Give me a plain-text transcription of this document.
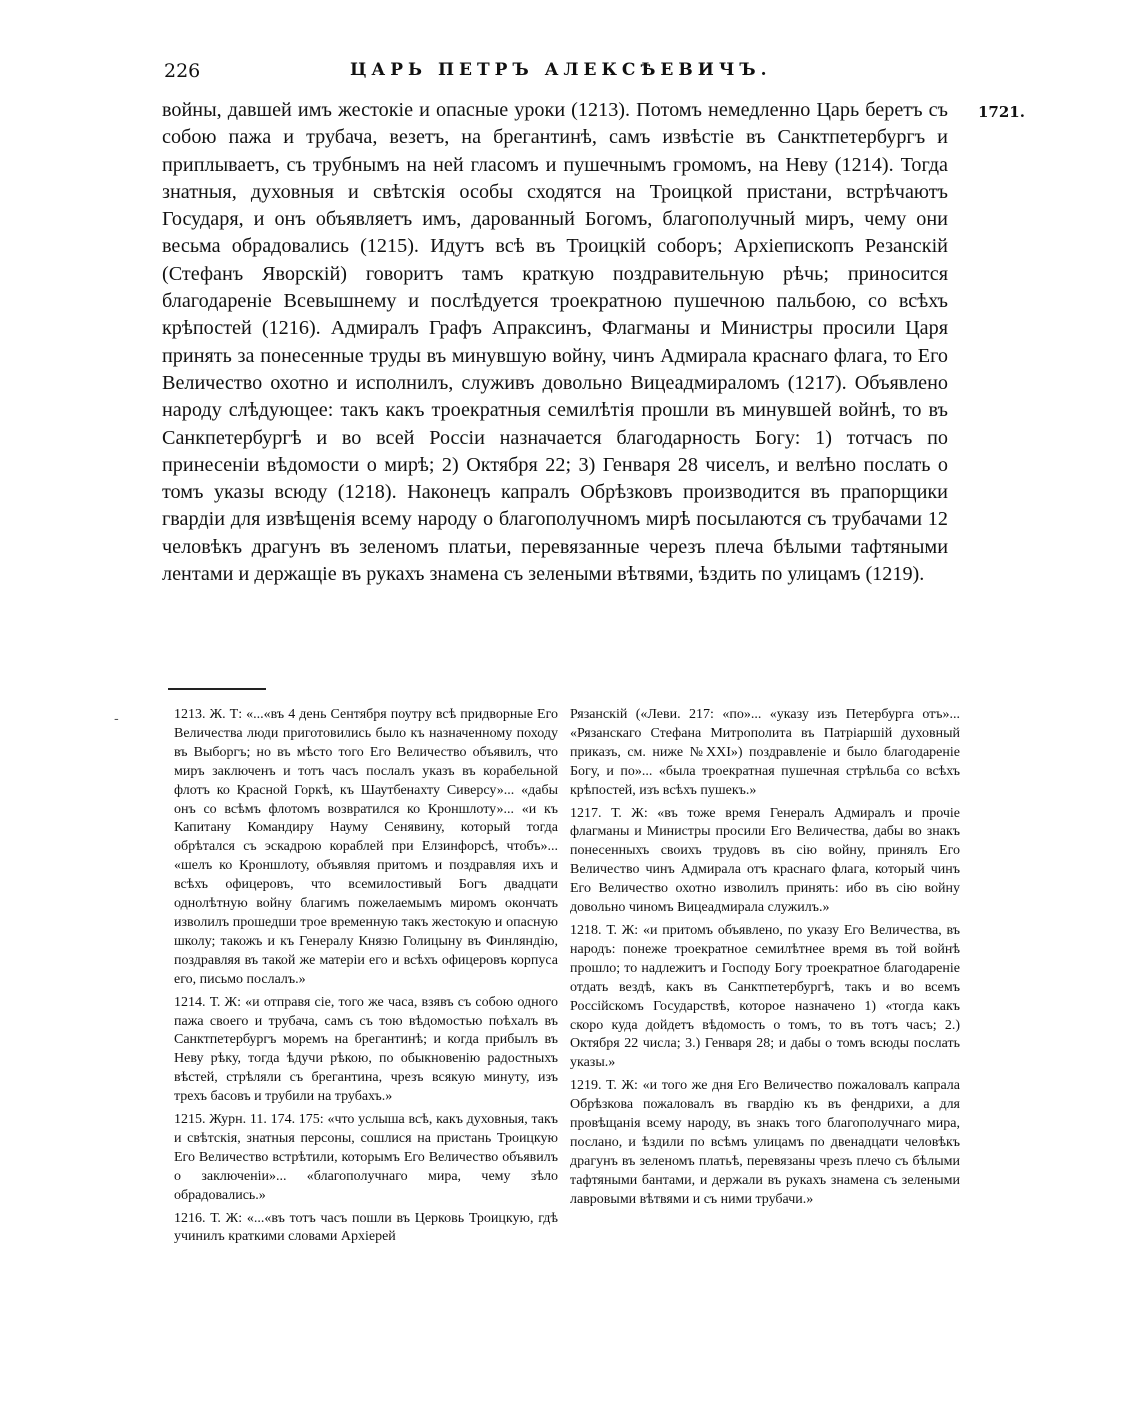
226	ЦАРЬ ПЕТРЪ АЛЕКСѢЕВИЧЪ.
1721.

войны, давшей имъ жестокіе и опасные уроки (1213). Потомъ немедленно Царь беретъ съ собою пажа и трубача, везетъ, на брегантинѣ, самъ извѣстіе въ Санктпетербургъ и приплываетъ, съ трубнымъ на ней гласомъ и пушечнымъ громомъ, на Неву (1214). Тогда знатныя, духовныя и свѣтскія особы сходятся на Троицкой пристани, встрѣчаютъ Государя, и онъ объявляетъ имъ, дарованный Богомъ, благополучный миръ, чему они весьма обрадовались (1215). Идутъ всѣ въ Троицкій соборъ; Архіепископъ Резанскій (Стефанъ Яворскій) говоритъ тамъ краткую поздравительную рѣчь; приносится благодареніе Всевышнему и послѣдуется троекратною пушечною пальбою, со всѣхъ крѣпостей (1216). Адмиралъ Графъ Апраксинъ, Флагманы и Министры просили Царя принять за понесенные труды въ минувшую войну, чинъ Адмирала краснаго флага, то Его Величество охотно и исполнилъ, служивъ довольно Вицеадмираломъ (1217). Объявлено народу слѣдующее: такъ какъ троекратныя семилѣтія прошли въ минувшей войнѣ, то въ Санкпетербургѣ и во всей Россіи назначается благодарность Богу: 1) тотчасъ по принесеніи вѣдомости о мирѣ; 2) Октября 22; 3) Генваря 28 чиселъ, и велѣно послать о томъ указы всюду (1218). Наконецъ капралъ Обрѣзковъ производится въ прапорщики гвардіи для извѣщенія всему народу о благополучномъ мирѣ посылаются съ трубачами 12 человѣкъ драгунъ въ зеленомъ платьи, перевязанные черезъ плеча бѣлыми тафтяными лентами и держащіе въ рукахъ знамена съ зелеными вѣтвями, ѣздить по улицамъ (1219).

-	1213. Ж. Т: «...«въ 4 день Сентября поутру всѣ придворные Его Величества люди приготовились было къ назначенному походу въ Выборгъ; но въ мѣсто того Его Величество объявилъ, что миръ заключенъ и тотъ часъ послалъ указъ въ корабельной флотъ ко Красной Горкѣ, къ Шаутбенахту Сиверсу»... «дабы онъ со всѣмъ флотомъ возвратился ко Кроншлоту»... «и къ Капитану Командиру Науму Сенявину, который тогда обрѣтался съ эскадрою кораблей при Елзинфорсѣ, чтобъ»... «шелъ ко Кроншлоту, объявляя притомъ и поздравляя ихъ и всѣхъ офицеровъ, что всемилостивый Богъ двадцати однолѣтную войну благимъ пожелаемымъ миромъ окончать изволилъ прошедши трое временную такъ жестокую и опасную школу; такожъ и къ Генералу Князю Голицыну въ Финляндію, поздравляя въ такой же матеріи его и всѣхъ офицеровъ корпуса его, письмо послалъ.»

1214. Т. Ж: «и отправя сіе, того же часа, взявъ съ собою одного пажа своего и трубача, самъ съ тою вѣдомостью поѣхалъ въ Санктпетербургъ моремъ на брегантинѣ; и когда прибылъ въ Неву рѣку, тогда ѣдучи рѣкою, по обыкновенію радостныхъ вѣстей, стрѣляли съ брегантина, чрезъ всякую минуту, изъ трехъ басовъ и трубили на трубахъ.»

1215. Журн. 11. 174. 175: «что услыша всѣ, какъ духовныя, такъ и свѣтскія, знатныя персоны, сошлися на пристань Троицкую Его Величество встрѣтили, которымъ Его Величество объявилъ о заключеніи»... «благополучнаго мира, чему зѣло обрадовались.»

1216. Т. Ж: «...«въ тотъ часъ пошли въ Церковь Троицкую, гдѣ учинилъ краткими словами Архіерей

Рязанскій («Леви. 217: «по»... «указу изъ Петербурга отъ»... «Рязанскаго Стефана Митрополита въ Патріаршій духовный приказъ, см. ниже №XXI») поздравленіе и было благодареніе Богу, и по»... «была троекратная пушечная стрѣльба со всѣхъ крѣпостей, изъ всѣхъ пушекъ.»

1217. Т. Ж: «въ тоже время Генералъ Адмиралъ и прочіе флагманы и Министры просили Его Величества, дабы во знакъ понесенныхъ своихъ трудовъ въ сію войну, принялъ Его Величество чинъ Адмирала отъ краснаго флага, который чинъ Его Величество охотно изволилъ принять: ибо въ сію войну довольно чиномъ Вицеадмирала служилъ.»

1218. Т. Ж: «и притомъ объявлено, по указу Его Величества, въ народъ: понеже троекратное семилѣтнее время въ той войнѣ прошло; то надлежитъ и Господу Богу троекратное благодареніе отдать вездѣ, какъ въ Санктпетербургѣ, такъ и во всемъ Россійскомъ Государствѣ, которое назначено 1) «тогда какъ скоро куда дойдетъ вѣдомость о томъ, то въ тотъ часъ; 2.) Октября 22 числа; 3.) Генваря 28; и дабы о томъ всюды послать указы.»

1219. Т. Ж: «и того же дня Его Величество пожаловалъ капрала Обрѣзкова пожаловалъ въ гвардію къ въ фендрихи, а для провѣщанія всему народу, въ знакъ того благополучнаго мира, послано, и ѣздили по всѣмъ улицамъ по двенадцати человѣкъ драгунъ въ зеленомъ платьѣ, перевязаны чрезъ плечо съ бѣлыми тафтяными бантами, и держали въ рукахъ знамена съ зелеными лавровыми вѣтвями и съ ними трубачи.»
